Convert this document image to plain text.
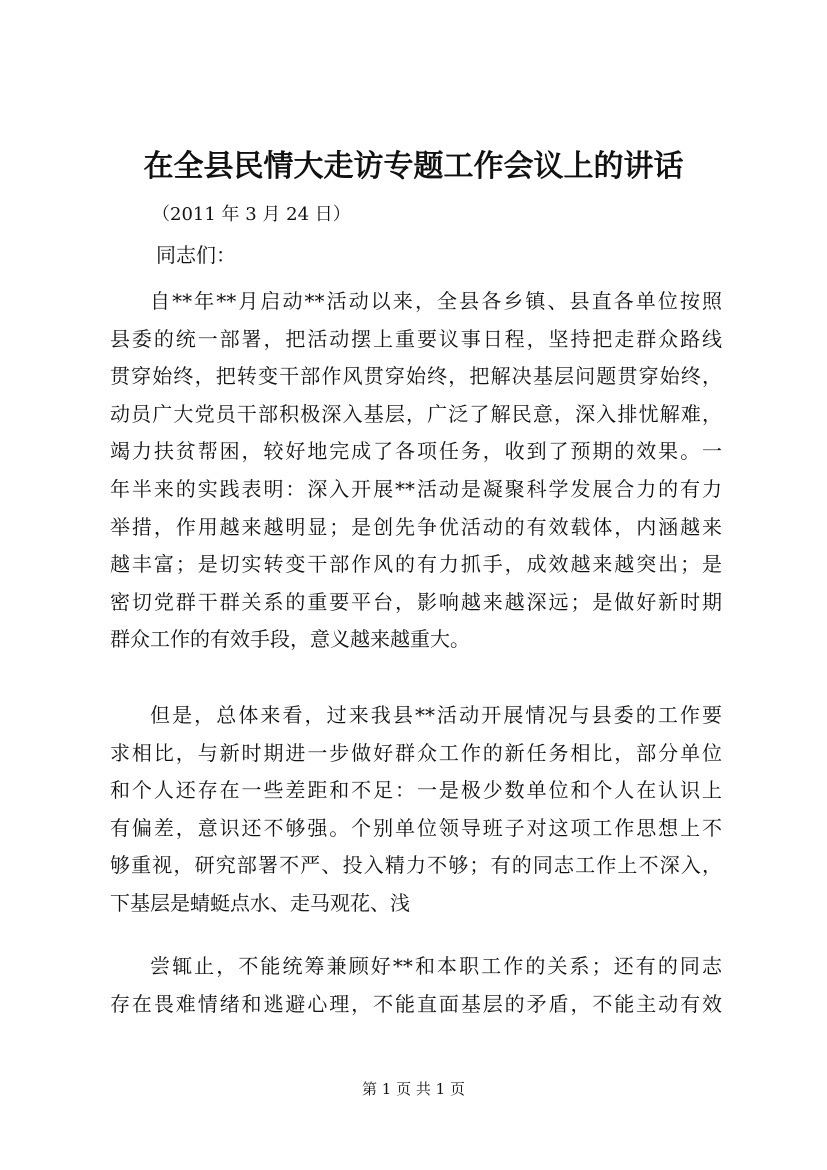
在全县民情大走访专题工作会议上的讲话
（2011 年 3 月 24 日）
同志们：
自**年**月启动**活动以来，全县各乡镇、县直各单位按照
县委的统一部署，把活动摆上重要议事日程，坚持把走群众路线
贯穿始终，把转变干部作风贯穿始终，把解决基层问题贯穿始终，
动员广大党员干部积极深入基层，广泛了解民意，深入排忧解难，
竭力扶贫帮困，较好地完成了各项任务，收到了预期的效果。一
年半来的实践表明：深入开展**活动是凝聚科学发展合力的有力
举措，作用越来越明显；是创先争优活动的有效载体，内涵越来
越丰富；是切实转变干部作风的有力抓手，成效越来越突出；是
密切党群干群关系的重要平台，影响越来越深远；是做好新时期
群众工作的有效手段，意义越来越重大。
但是，总体来看，过来我县**活动开展情况与县委的工作要
求相比，与新时期进一步做好群众工作的新任务相比，部分单位
和个人还存在一些差距和不足：一是极少数单位和个人在认识上
有偏差，意识还不够强。个别单位领导班子对这项工作思想上不
够重视，研究部署不严、投入精力不够；有的同志工作上不深入，
下基层是蜻蜓点水、走马观花、浅
尝辄止，不能统筹兼顾好**和本职工作的关系；还有的同志
存在畏难情绪和逃避心理，不能直面基层的矛盾，不能主动有效
第 1 页 共 1 页
